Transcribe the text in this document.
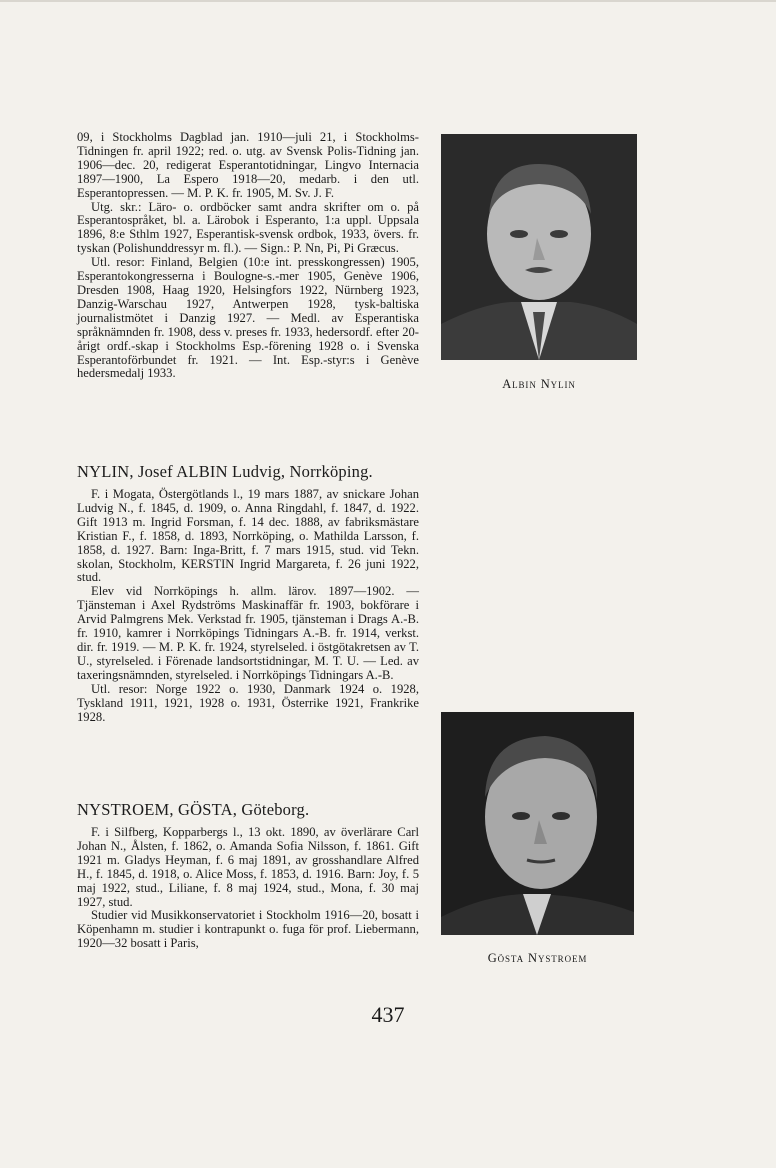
09, i Stockholms Dagblad jan. 1910—juli 21, i Stockholms-Tidningen fr. april 1922; red. o. utg. av Svensk Polis-Tidning jan. 1906—dec. 20, redigerat Esperantotidningar, Lingvo Internacia 1897—1900, La Espero 1918—20, medarb. i den utl. Esperantopressen. — M. P. K. fr. 1905, M. Sv. J. F.

Utg. skr.: Läro- o. ordböcker samt andra skrifter om o. på Esperantospråket, bl. a. Lärobok i Esperanto, 1:a uppl. Uppsala 1896, 8:e Sthlm 1927, Esperantisk-svensk ordbok, 1933, övers. fr. tyskan (Polishunddressyr m. fl.). — Sign.: P. Nn, Pi, Pi Græcus.

Utl. resor: Finland, Belgien (10:e int. presskongressen) 1905, Esperantokongresserna i Boulogne-s.-mer 1905, Genève 1906, Dresden 1908, Haag 1920, Helsingfors 1922, Nürnberg 1923, Danzig-Warschau 1927, Antwerpen 1928, tysk-baltiska journalistmötet i Danzig 1927. — Medl. av Esperantiska språknämnden fr. 1908, dess v. preses fr. 1933, hedersordf. efter 20-årigt ordf.-skap i Stockholms Esp.-förening 1928 o. i Svenska Esperantoförbundet fr. 1921. — Int. Esp.-styr:s i Genève hedersmedalj 1933.

Albin Nylin
NYLIN, Josef ALBIN Ludvig, Norrköping.

F. i Mogata, Östergötlands l., 19 mars 1887, av snickare Johan Ludvig N., f. 1845, d. 1909, o. Anna Ringdahl, f. 1847, d. 1922. Gift 1913 m. Ingrid Forsman, f. 14 dec. 1888, av fabriksmästare Kristian F., f. 1858, d. 1893, Norrköping, o. Mathilda Larsson, f. 1858, d. 1927. Barn: Inga-Britt, f. 7 mars 1915, stud. vid Tekn. skolan, Stockholm, KERSTIN Ingrid Margareta, f. 26 juni 1922, stud.

Elev vid Norrköpings h. allm. lärov. 1897—1902. — Tjänsteman i Axel Rydströms Maskinaffär fr. 1903, bokförare i Arvid Palmgrens Mek. Verkstad fr. 1905, tjänsteman i Drags A.-B. fr. 1910, kamrer i Norrköpings Tidningars A.-B. fr. 1914, verkst. dir. fr. 1919. — M. P. K. fr. 1924, styrelseled. i östgötakretsen av T. U., styrelseled. i Förenade landsortstidningar, M. T. U. — Led. av taxeringsnämnden, styrelseled. i Norrköpings Tidningars A.-B.

Utl. resor: Norge 1922 o. 1930, Danmark 1924 o. 1928, Tyskland 1911, 1921, 1928 o. 1931, Österrike 1921, Frankrike 1928.

Gösta Nystroem
NYSTROEM, GÖSTA, Göteborg.

F. i Silfberg, Kopparbergs l., 13 okt. 1890, av överlärare Carl Johan N., Ålsten, f. 1862, o. Amanda Sofia Nilsson, f. 1861. Gift 1921 m. Gladys Heyman, f. 6 maj 1891, av grosshandlare Alfred H., f. 1845, d. 1918, o. Alice Moss, f. 1853, d. 1916. Barn: Joy, f. 5 maj 1922, stud., Liliane, f. 8 maj 1924, stud., Mona, f. 30 maj 1927, stud.

Studier vid Musikkonservatoriet i Stockholm 1916—20, bosatt i Köpenhamn m. studier i kontrapunkt o. fuga för prof. Liebermann, 1920—32 bosatt i Paris,

437
